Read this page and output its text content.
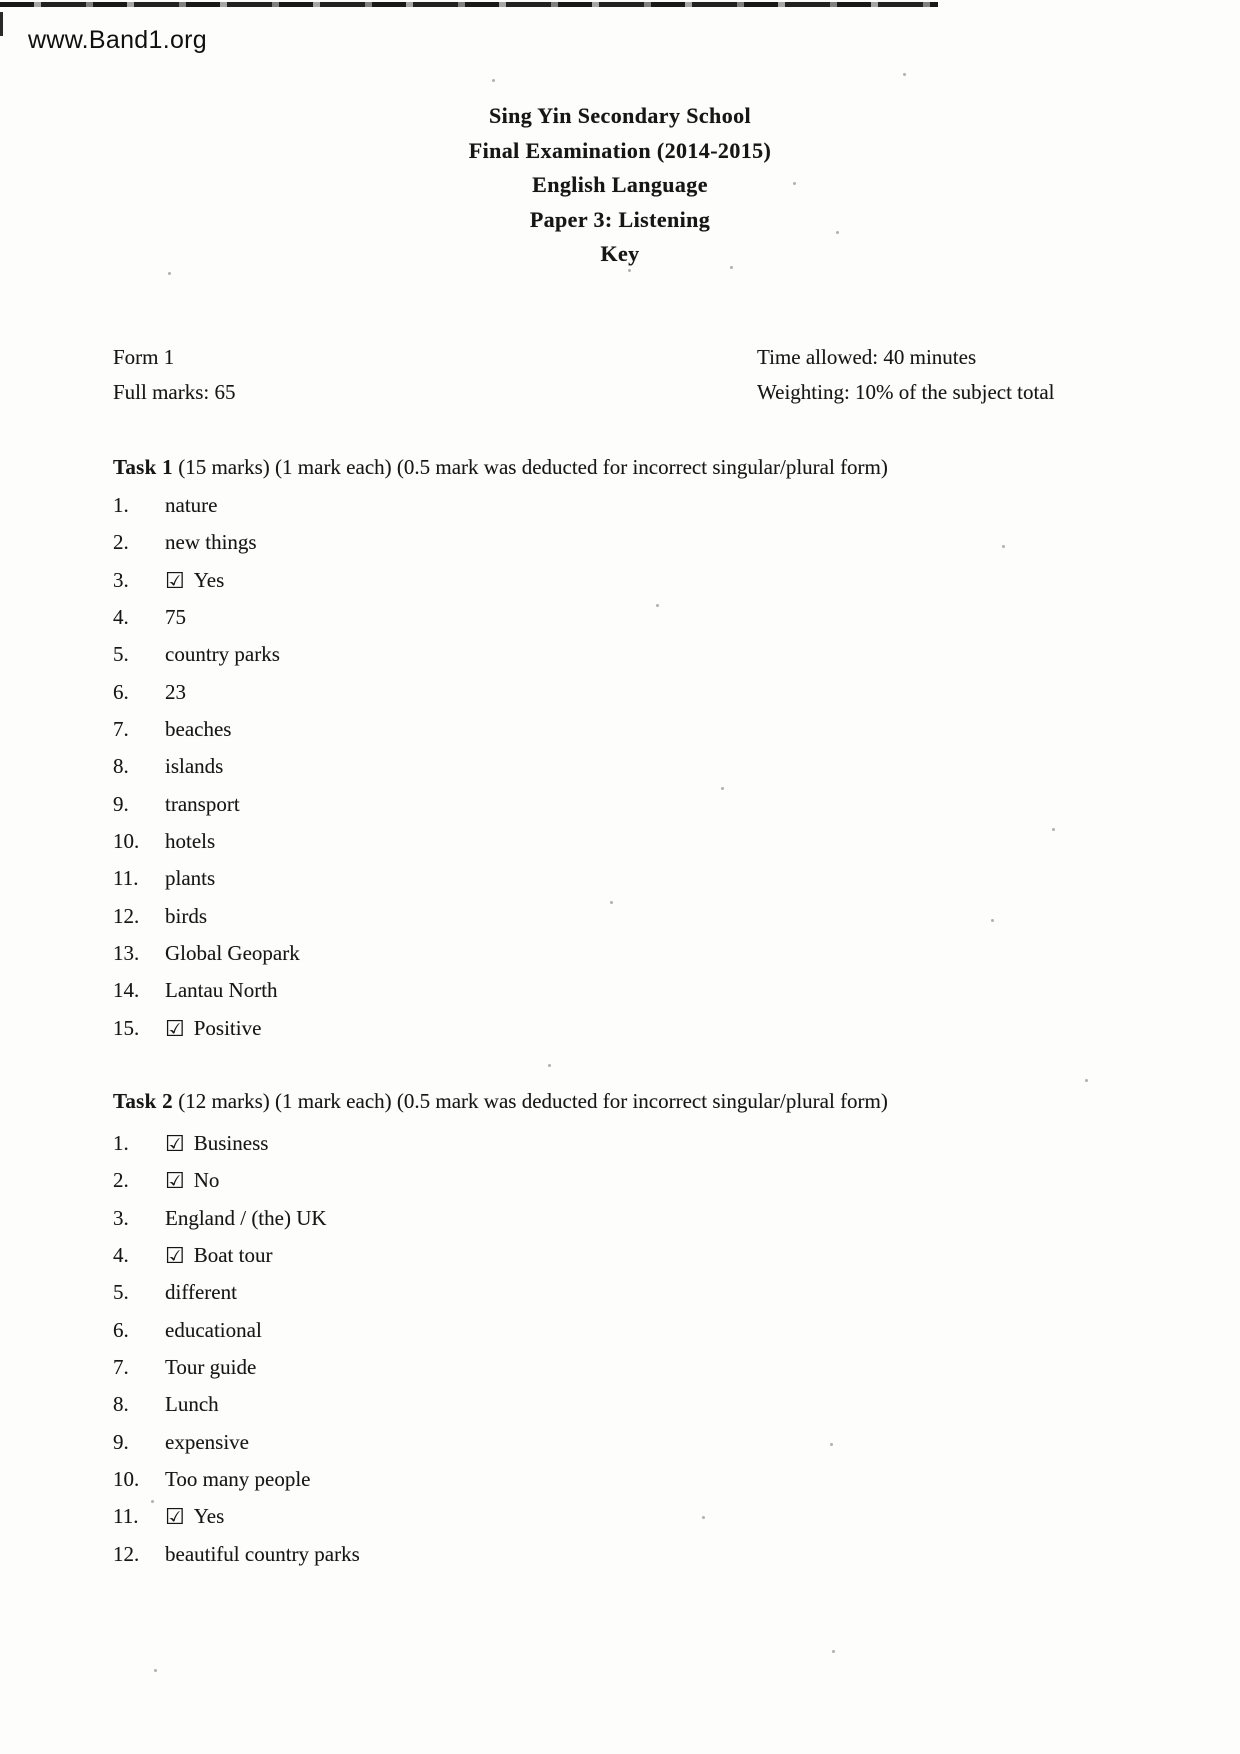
www.Band1.org
Sing Yin Secondary School
Final Examination (2014-2015)
English Language
Paper 3: Listening
Key
Form 1
Full marks: 65
Time allowed: 40 minutes
Weighting: 10% of the subject total
Task 1 (15 marks) (1 mark each) (0.5 mark was deducted for incorrect singular/plural form)
1.	nature
2.	new things
3.	☑ Yes
4.	75
5.	country parks
6.	23
7.	beaches
8.	islands
9.	transport
10.	hotels
11.	plants
12.	birds
13.	Global Geopark
14.	Lantau North
15.	☑ Positive
Task 2 (12 marks) (1 mark each) (0.5 mark was deducted for incorrect singular/plural form)
1.	☑ Business
2.	☑ No
3.	England / (the) UK
4.	☑ Boat tour
5.	different
6.	educational
7.	Tour guide
8.	Lunch
9.	expensive
10.	Too many people
11.	☑ Yes
12.	beautiful country parks
